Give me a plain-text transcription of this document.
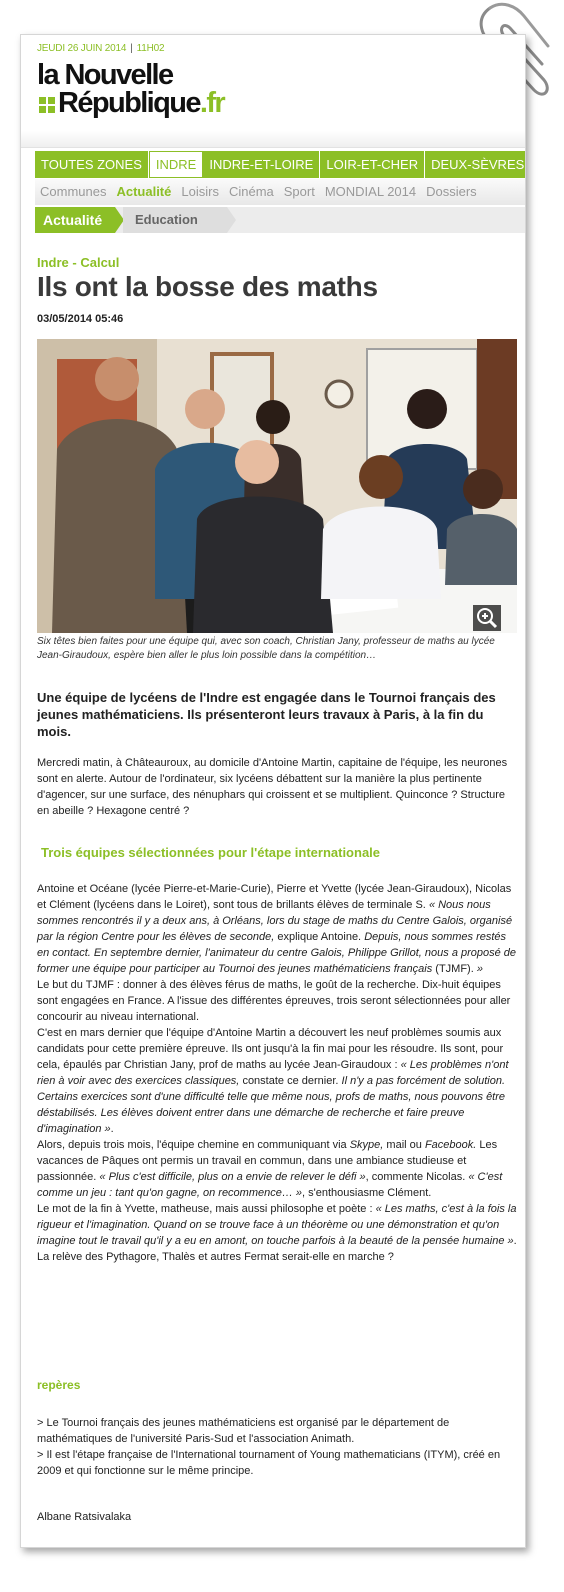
JEUDI 26 JUIN 2014 | 11H02
la Nouvelle
République.fr
TOUTES ZONES	INDRE	INDRE-ET-LOIRE	LOIR-ET-CHER	DEUX-SÈVRES
Communes Actualité Loisirs Cinéma Sport MONDIAL 2014 Dossiers
Actualité	Education
Indre - Calcul
Ils ont la bosse des maths
03/05/2014 05:46
Six têtes bien faites pour une équipe qui, avec son coach, Christian Jany, professeur de maths au lycée Jean-Giraudoux, espère bien aller le plus loin possible dans la compétition…
Une équipe de lycéens de l'Indre est engagée dans le Tournoi français des jeunes mathématiciens. Ils présenteront leurs travaux à Paris, à la fin du mois.
Mercredi matin, à Châteauroux, au domicile d'Antoine Martin, capitaine de l'équipe, les neurones sont en alerte. Autour de l'ordinateur, six lycéens débattent sur la manière la plus pertinente d'agencer, sur une surface, des nénuphars qui croissent et se multiplient. Quinconce ? Structure en abeille ? Hexagone centré ?
Trois équipes sélectionnées pour l'étape internationale

Antoine et Océane (lycée Pierre-et-Marie-Curie), Pierre et Yvette (lycée Jean-Giraudoux), Nicolas et Clément (lycéens dans le Loiret), sont tous de brillants élèves de terminale S. « Nous nous sommes rencontrés il y a deux ans, à Orléans, lors du stage de maths du Centre Galois, organisé par la région Centre pour les élèves de seconde, explique Antoine. Depuis, nous sommes restés en contact. En septembre dernier, l'animateur du centre Galois, Philippe Grillot, nous a proposé de former une équipe pour participer au Tournoi des jeunes mathématiciens français (TJMF). »

Le but du TJMF : donner à des élèves férus de maths, le goût de la recherche. Dix-huit équipes sont engagées en France. A l'issue des différentes épreuves, trois seront sélectionnées pour aller concourir au niveau international.

C'est en mars dernier que l'équipe d'Antoine Martin a découvert les neuf problèmes soumis aux candidats pour cette première épreuve. Ils ont jusqu'à la fin mai pour les résoudre. Ils sont, pour cela, épaulés par Christian Jany, prof de maths au lycée Jean-Giraudoux : « Les problèmes n'ont rien à voir avec des exercices classiques, constate ce dernier. Il n'y a pas forcément de solution. Certains exercices sont d'une difficulté telle que même nous, profs de maths, nous pouvons être déstabilisés. Les élèves doivent entrer dans une démarche de recherche et faire preuve d'imagination ».

Alors, depuis trois mois, l'équipe chemine en communiquant via Skype, mail ou Facebook. Les vacances de Pâques ont permis un travail en commun, dans une ambiance studieuse et passionnée. « Plus c'est difficile, plus on a envie de relever le défi », commente Nicolas. « C'est comme un jeu : tant qu'on gagne, on recommence… », s'enthousiasme Clément.

Le mot de la fin à Yvette, matheuse, mais aussi philosophe et poète : « Les maths, c'est à la fois la rigueur et l'imagination. Quand on se trouve face à un théorème ou une démonstration et qu'on imagine tout le travail qu'il y a eu en amont, on touche parfois à la beauté de la pensée humaine ». La relève des Pythagore, Thalès et autres Fermat serait-elle en marche ?

repères

> Le Tournoi français des jeunes mathématiciens est organisé par le département de mathématiques de l'université Paris-Sud et l'association Animath.

> Il est l'étape française de l'International tournament of Young mathematicians (ITYM), créé en 2009 et qui fonctionne sur le même principe.

Albane Ratsivalaka
